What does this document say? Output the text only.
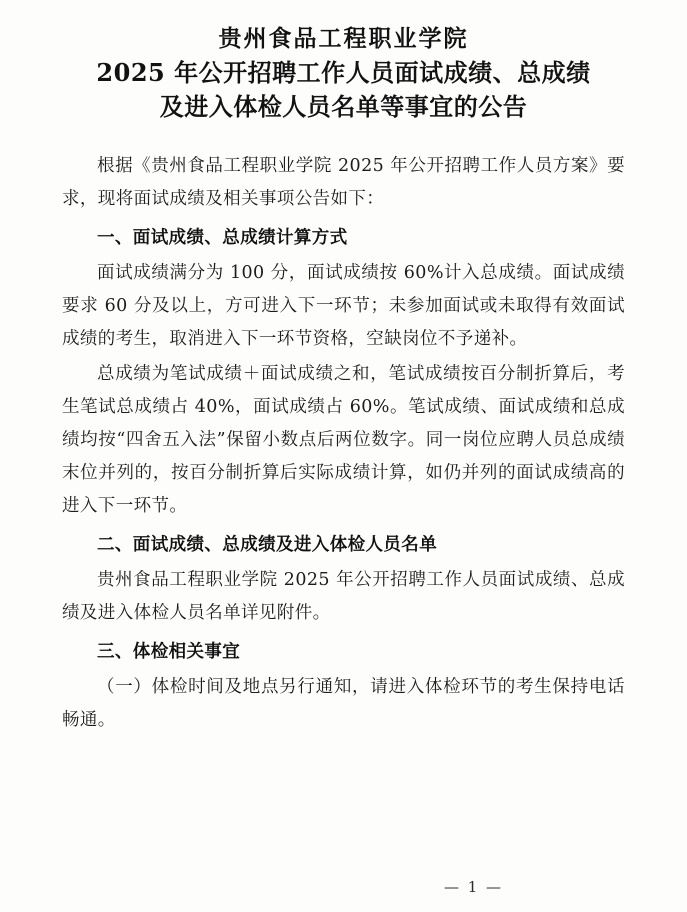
贵州食品工程职业学院
2025 年公开招聘工作人员面试成绩、总成绩
及进入体检人员名单等事宜的公告

根据《贵州食品工程职业学院 2025 年公开招聘工作人员方案》要求，现将面试成绩及相关事项公告如下：

一、面试成绩、总成绩计算方式

面试成绩满分为 100 分，面试成绩按 60%计入总成绩。面试成绩要求 60 分及以上，方可进入下一环节；未参加面试或未取得有效面试成绩的考生，取消进入下一环节资格，空缺岗位不予递补。

总成绩为笔试成绩＋面试成绩之和，笔试成绩按百分制折算后，考生笔试总成绩占 40%，面试成绩占 60%。笔试成绩、面试成绩和总成绩均按“四舍五入法”保留小数点后两位数字。同一岗位应聘人员总成绩末位并列的，按百分制折算后实际成绩计算，如仍并列的面试成绩高的进入下一环节。

二、面试成绩、总成绩及进入体检人员名单

贵州食品工程职业学院 2025 年公开招聘工作人员面试成绩、总成绩及进入体检人员名单详见附件。

三、体检相关事宜

（一）体检时间及地点另行通知，请进入体检环节的考生保持电话畅通。

— 1 —
